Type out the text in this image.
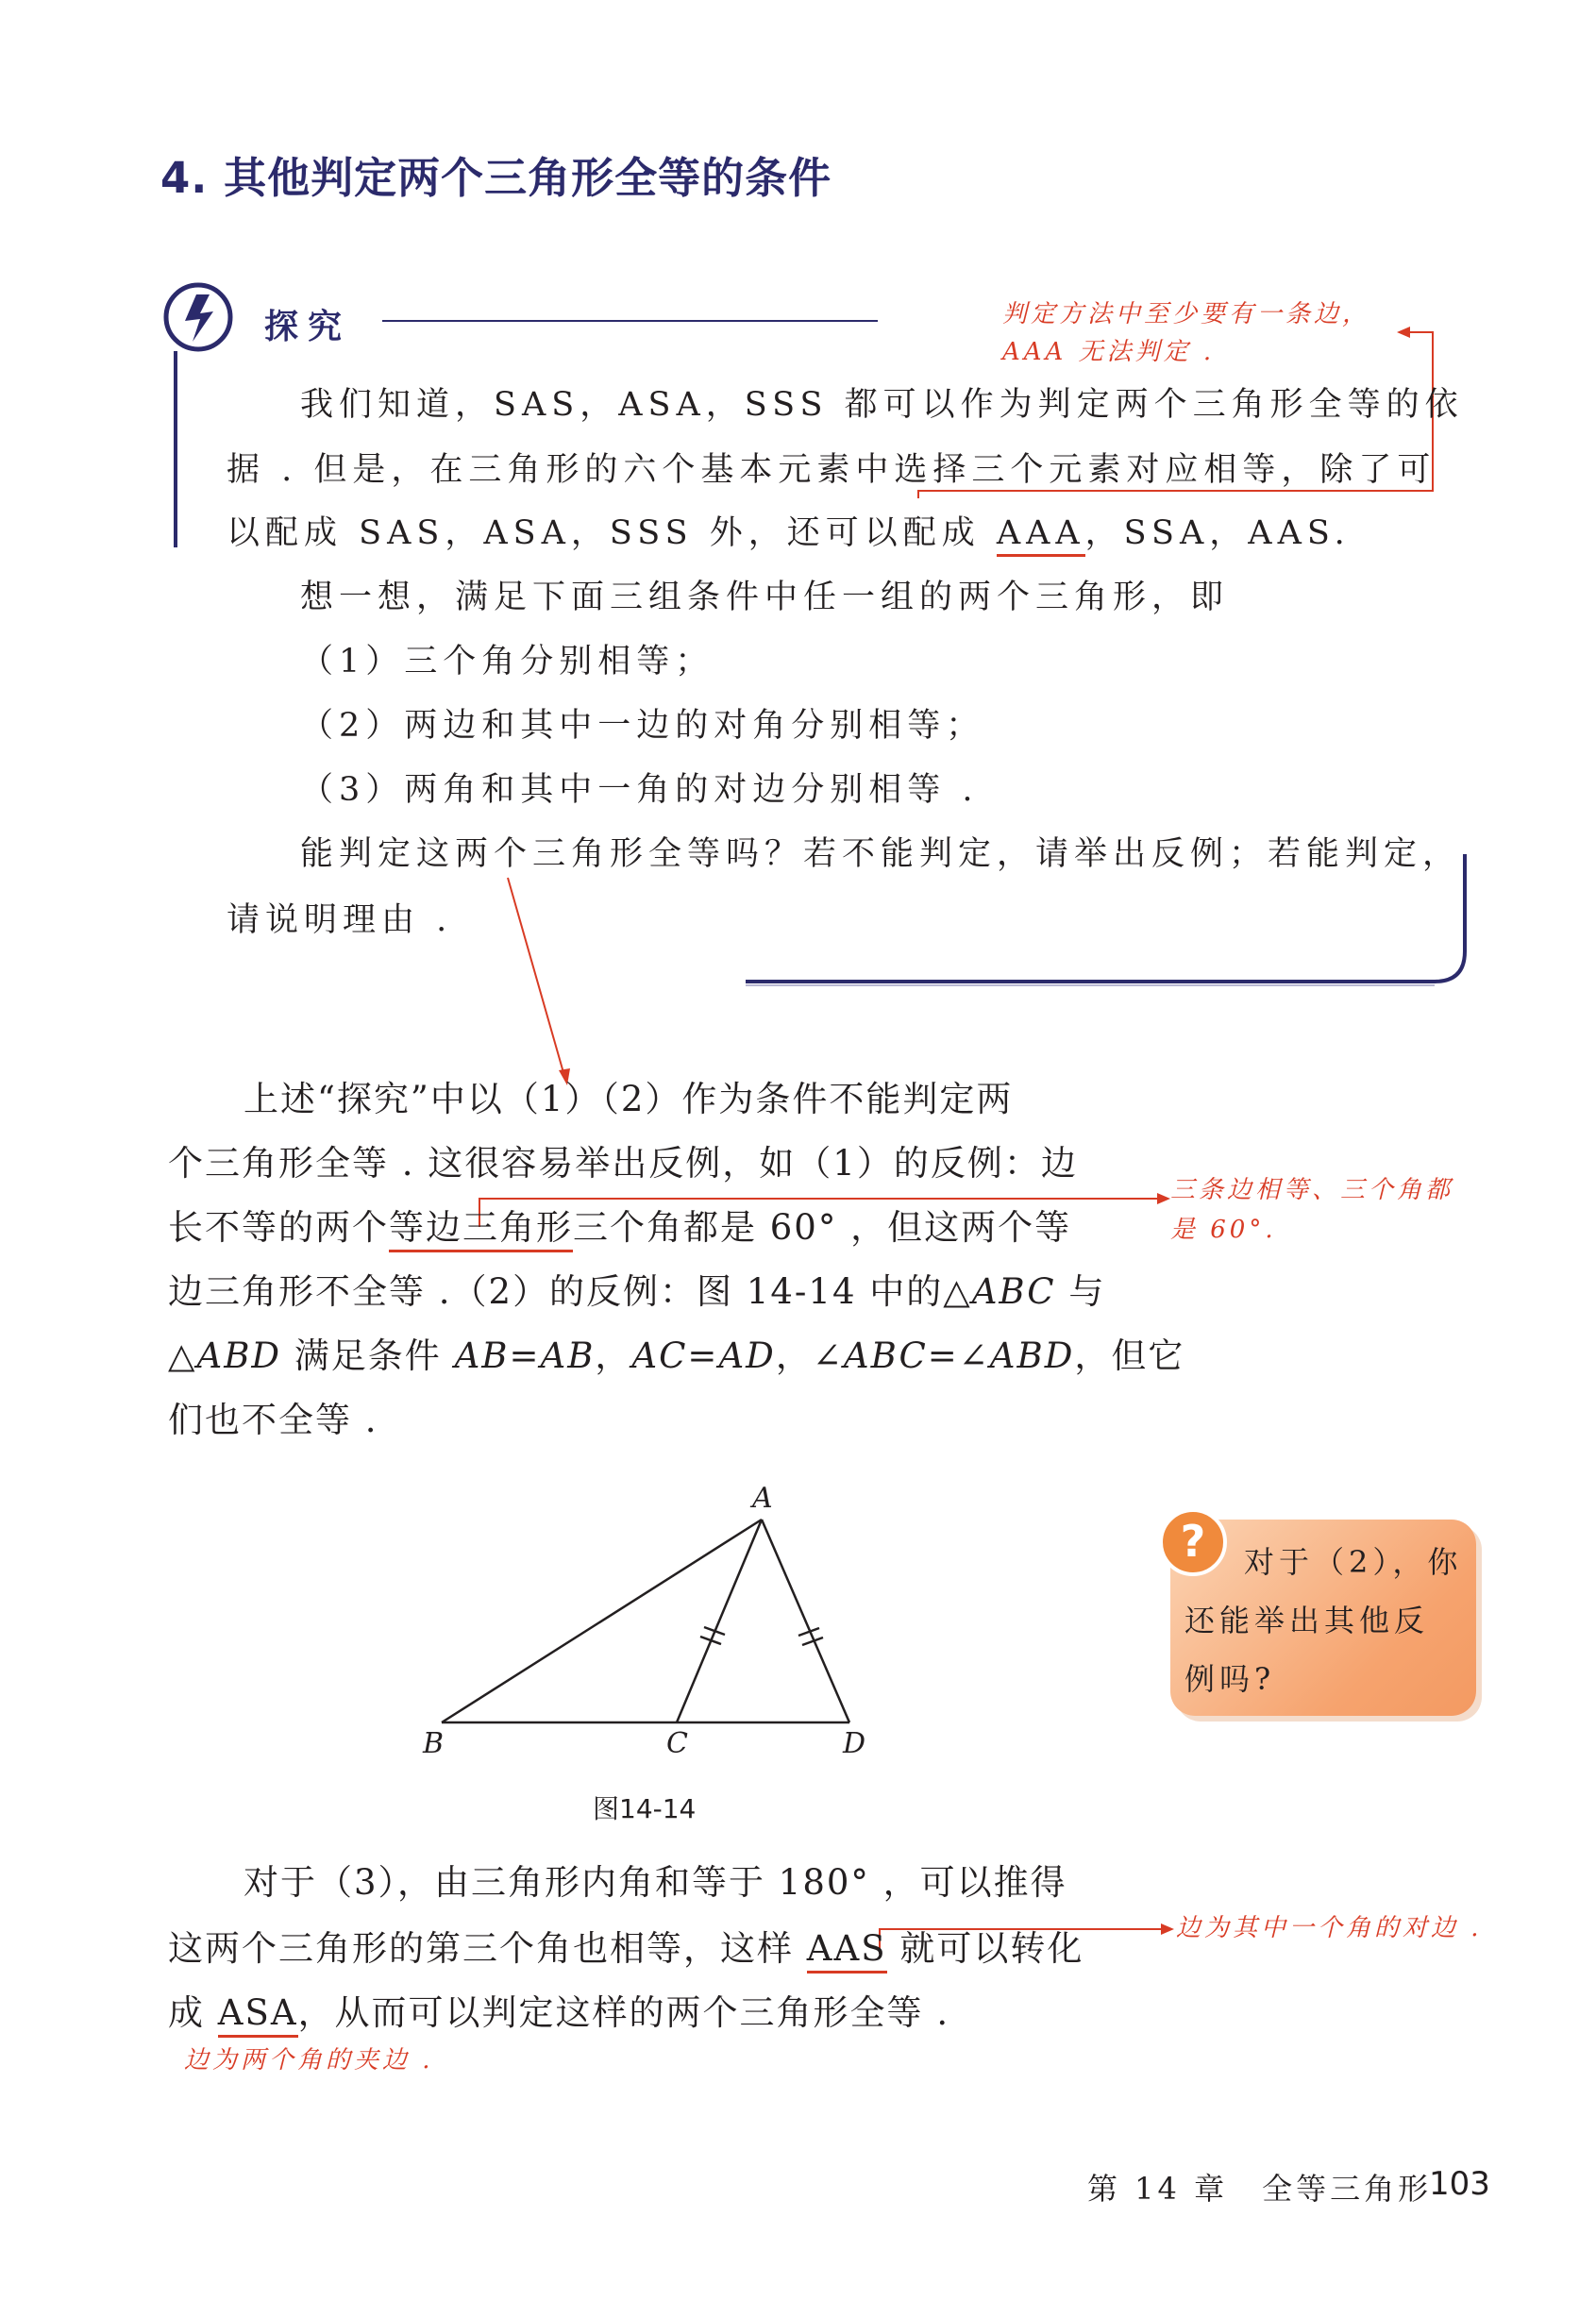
4. 其他判定两个三角形全等的条件
探究	判定方法中至少要有一条边，
AAA 无法判定 .
我们知道，SAS，ASA，SSS 都可以作为判定两个三角形全等的依
据 . 但是，在三角形的六个基本元素中选择三个元素对应相等，除了可
以配成 SAS，ASA，SSS 外，还可以配成 AAA，SSA，AAS.
想一想，满足下面三组条件中任一组的两个三角形，即
（1）三个角分别相等；
（2）两边和其中一边的对角分别相等；
（3）两角和其中一角的对边分别相等 .
能判定这两个三角形全等吗？若不能判定，请举出反例；若能判定，
请说明理由 .
上述“探究”中以（1）（2）作为条件不能判定两
个三角形全等 . 这很容易举出反例，如（1）的反例：边
长不等的两个等边三角形三个角都是 60° ，但这两个等
边三角形不全等 .（2）的反例：图 14-14 中的△ABC 与
△ABD 满足条件 AB=AB，AC=AD，∠ABC=∠ABD，但它
们也不全等 .
三条边相等、三个角都
是 60°.
A
B	C	D
图14-14
?	对于（2），你
还能举出其他反
例吗?
对于（3），由三角形内角和等于 180° ，可以推得
这两个三角形的第三个角也相等，这样 AAS 就可以转化
成 ASA，从而可以判定这样的两个三角形全等 .
边为其中一个角的对边 .
边为两个角的夹边 .
第 14 章　全等三角形
103
